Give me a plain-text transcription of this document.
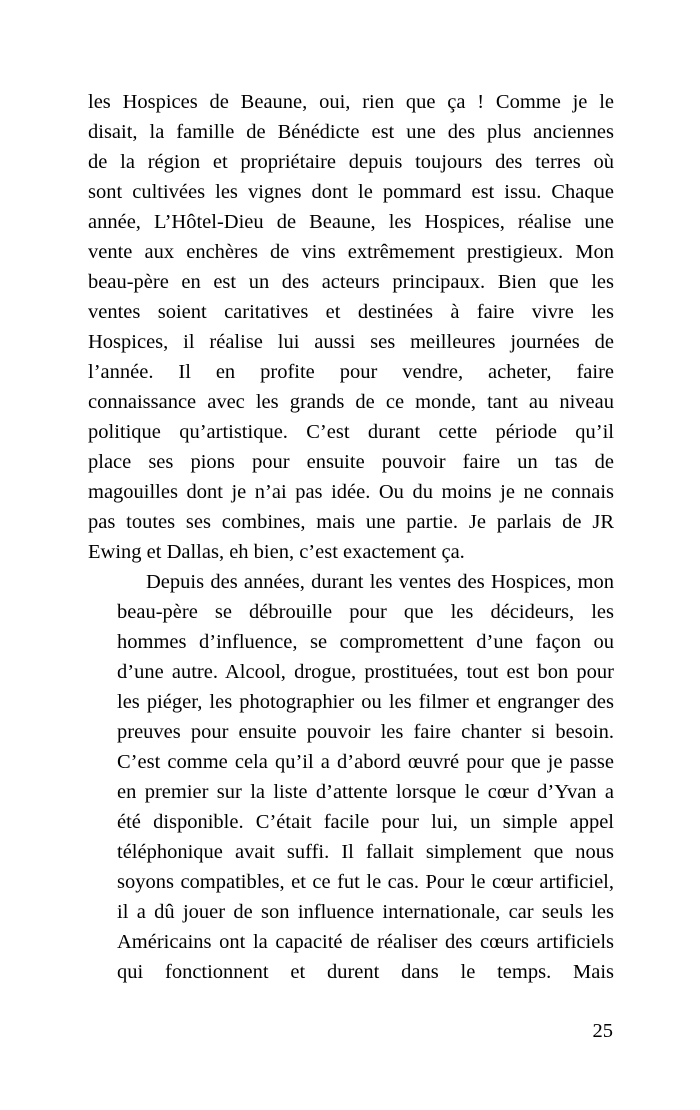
les Hospices de Beaune, oui, rien que ça ! Comme je le
disait, la famille de Bénédicte est une des plus anciennes
de la région et propriétaire depuis toujours des terres où
sont cultivées les vignes dont le pommard est issu. Chaque
année, L’Hôtel-Dieu de Beaune, les Hospices, réalise une
vente aux enchères de vins extrêmement prestigieux. Mon
beau-père en est un des acteurs principaux. Bien que les
ventes soient caritatives et destinées à faire vivre les
Hospices, il réalise lui aussi ses meilleures journées de
l’année. Il en profite pour vendre, acheter, faire
connaissance avec les grands de ce monde, tant au niveau
politique qu’artistique. C’est durant cette période qu’il
place ses pions pour ensuite pouvoir faire un tas de
magouilles dont je n’ai pas idée. Ou du moins je ne connais
pas toutes ses combines, mais une partie. Je parlais de JR
Ewing et Dallas, eh bien, c’est exactement ça.

Depuis des années, durant les ventes des Hospices, mon
beau-père se débrouille pour que les décideurs, les
hommes d’influence, se compromettent d’une façon ou
d’une autre. Alcool, drogue, prostituées, tout est bon pour
les piéger, les photographier ou les filmer et engranger des
preuves pour ensuite pouvoir les faire chanter si besoin.
C’est comme cela qu’il a d’abord œuvré pour que je passe
en premier sur la liste d’attente lorsque le cœur d’Yvan a
été disponible. C’était facile pour lui, un simple appel
téléphonique avait suffi. Il fallait simplement que nous
soyons compatibles, et ce fut le cas. Pour le cœur artificiel,
il a dû jouer de son influence internationale, car seuls les
Américains ont la capacité de réaliser des cœurs artificiels
qui fonctionnent et durent dans le temps. Mais

25
